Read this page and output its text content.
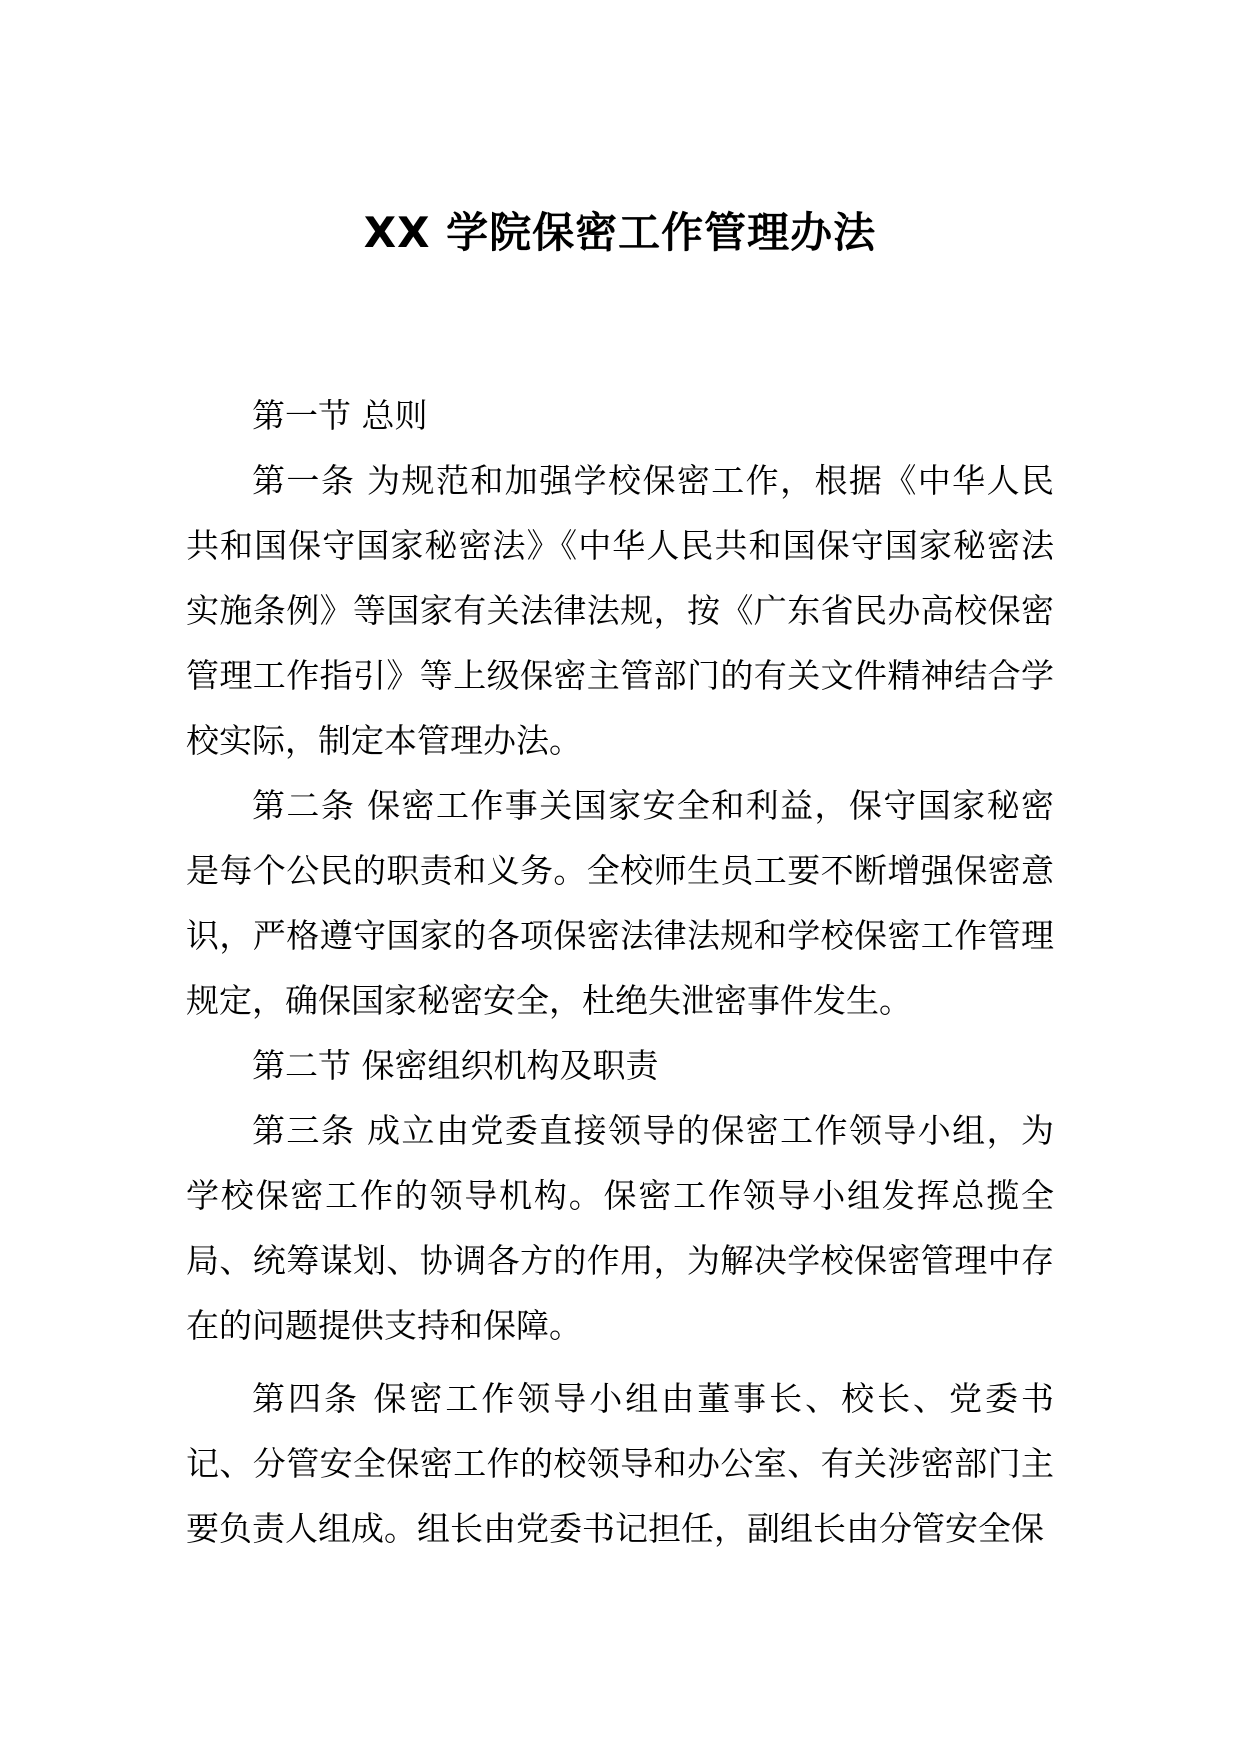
XX 学院保密工作管理办法

第一节 总则

第一条 为规范和加强学校保密工作，根据《中华人民共和国保守国家秘密法》《中华人民共和国保守国家秘密法实施条例》等国家有关法律法规，按《广东省民办高校保密管理工作指引》等上级保密主管部门的有关文件精神结合学校实际，制定本管理办法。

第二条 保密工作事关国家安全和利益，保守国家秘密是每个公民的职责和义务。全校师生员工要不断增强保密意识，严格遵守国家的各项保密法律法规和学校保密工作管理规定，确保国家秘密安全，杜绝失泄密事件发生。

第二节 保密组织机构及职责

第三条 成立由党委直接领导的保密工作领导小组，为学校保密工作的领导机构。保密工作领导小组发挥总揽全局、统筹谋划、协调各方的作用，为解决学校保密管理中存在的问题提供支持和保障。

第四条 保密工作领导小组由董事长、校长、党委书记、分管安全保密工作的校领导和办公室、有关涉密部门主要负责人组成。组长由党委书记担任，副组长由分管安全保
